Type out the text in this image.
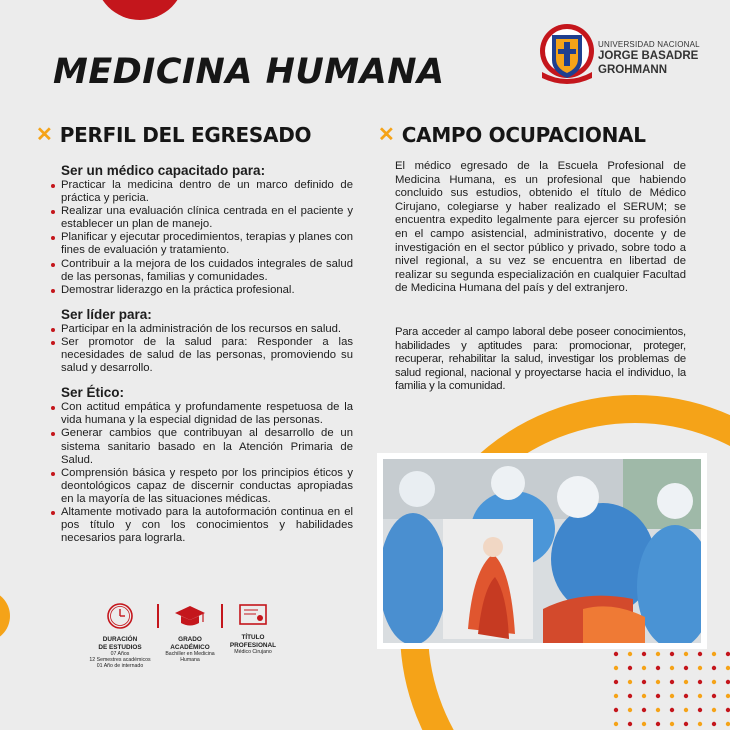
MEDICINA HUMANA
UNIVERSIDAD NACIONAL
JORGE BASADRE
GROHMANN
✕ PERFIL DEL EGRESADO	✕ CAMPO OCUPACIONAL
Ser un médico capacitado para:
Practicar la medicina dentro de un marco definido de práctica y pericia.
Realizar una evaluación clínica centrada en el paciente y establecer un plan de manejo.
Planificar y ejecutar procedimientos, terapias y planes con fines de evaluación y tratamiento.
Contribuir a la mejora de los cuidados integrales de salud de las personas, familias y comunidades.
Demostrar liderazgo en la práctica profesional.
Ser líder para:
Participar en la administración de los recursos en salud.
Ser promotor de la salud para: Responder a las necesidades de salud de las personas, promoviendo su salud y desarrollo.
Ser Ético:
Con actitud empática y profundamente respetuosa de la vida humana y la especial dignidad de las personas.
Generar cambios que contribuyan al desarrollo de un sistema sanitario basado en la Atención Primaria de Salud.
Comprensión básica y respeto por los principios éticos y deontológicos capaz de discernir conductas apropiadas en la mayoría de las situaciones médicas.
Altamente motivado para la autoformación continua en el pos título y con los conocimientos y habilidades necesarios para lograrla.

El médico egresado de la Escuela Profesional de Medicina Humana, es un profesional que habiendo concluido sus estudios, obtenido el título de Médico Cirujano, colegiarse y haber realizado el SERUM; se encuentra expedito legalmente para ejercer su profesión en el campo asistencial, administrativo, docente y de investigación en el sector público y privado, sobre todo a nivel regional, a su vez se encuentra en libertad de realizar su segunda especialización en cualquier Facultad de Medicina Humana del país y del extranjero.

Para acceder al campo laboral debe poseer conocimientos, habilidades y aptitudes para: promocionar, proteger, recuperar, rehabilitar la salud, investigar los problemas de salud regional, nacional y proyectarse hacia el individuo, la familia y la comunidad.

DURACIÓN
DE ESTUDIOS
07 Años
12 Semestres académicos
01 Año de internado
GRADO
ACADÉMICO
Bachiller en Medicina
Humana
TÍTULO
PROFESIONAL
Médico Cirujano
